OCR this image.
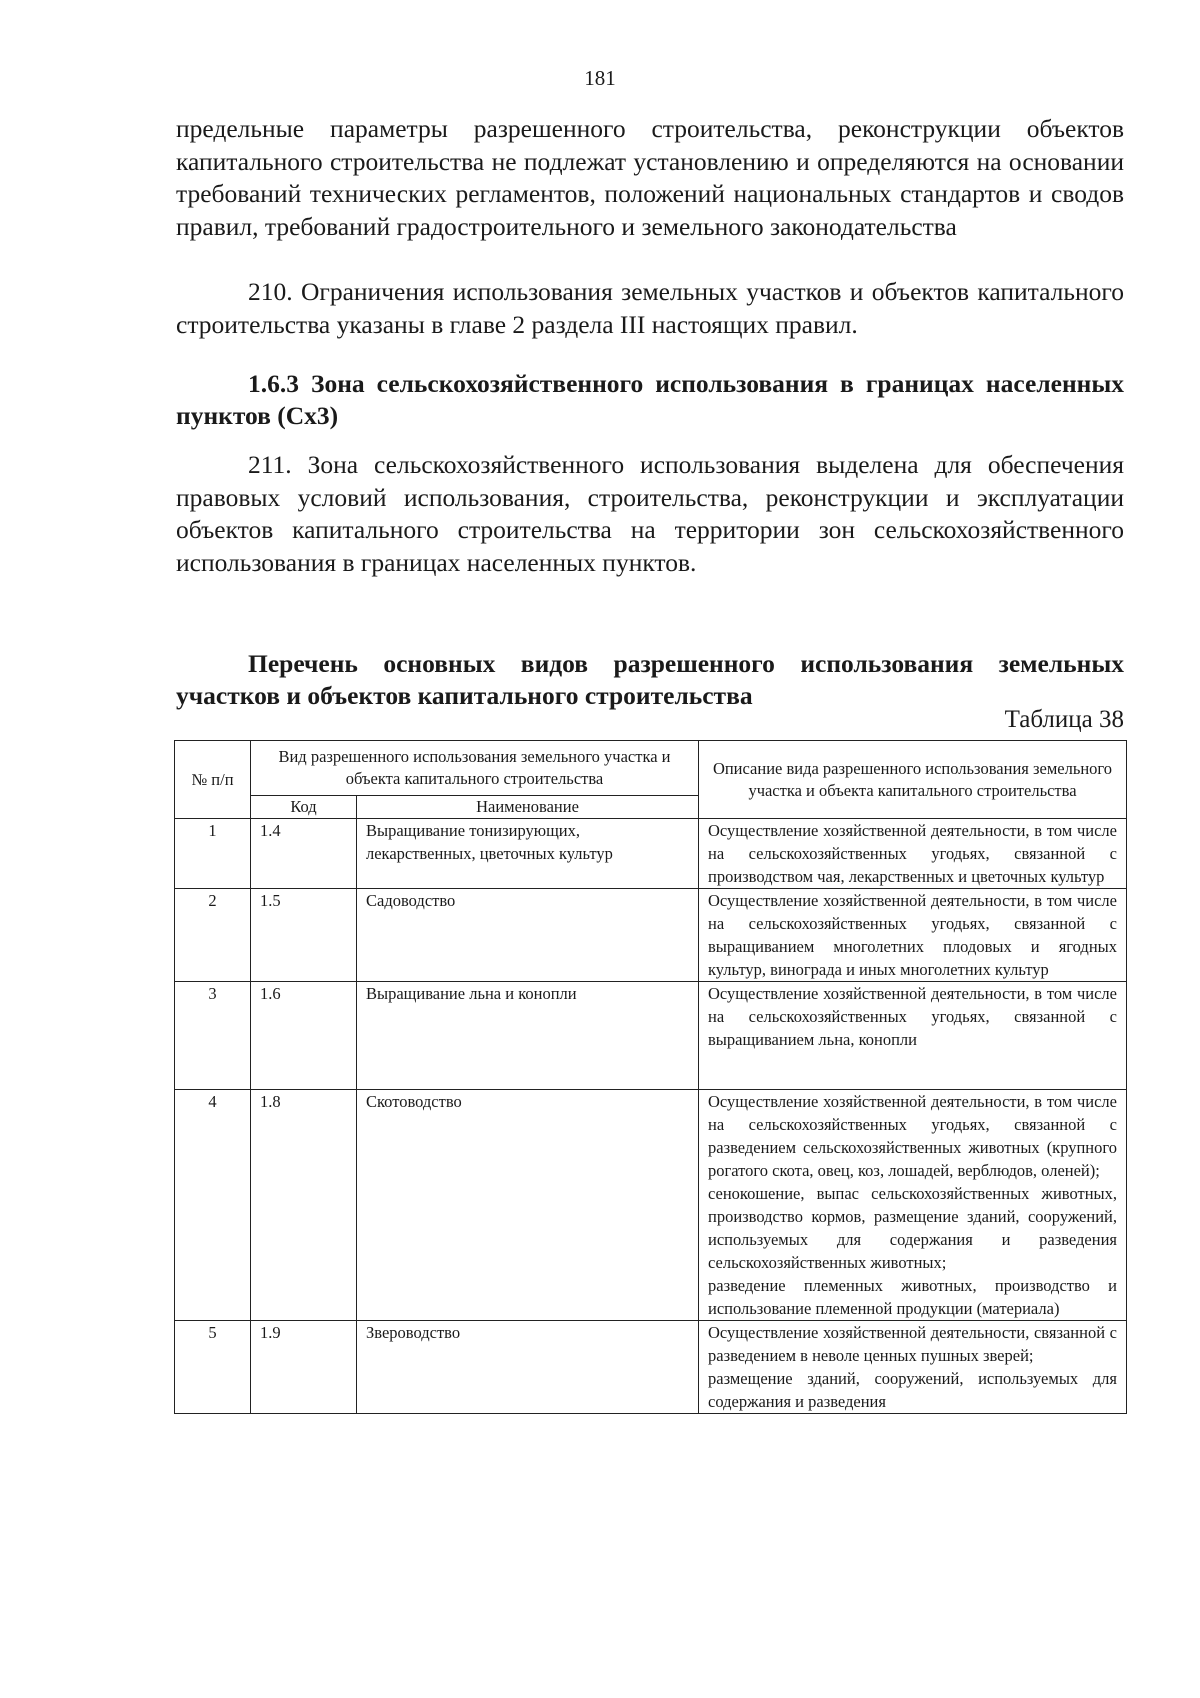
181
предельные параметры разрешенного строительства, реконструкции объектов капитального строительства не подлежат установлению и определяются на основании требований технических регламентов, положений национальных стандартов и сводов правил, требований градостроительного и земельного законодательства
210. Ограничения использования земельных участков и объектов капитального строительства указаны в главе 2 раздела III настоящих правил.
1.6.3 Зона сельскохозяйственного использования в границах населенных пунктов (Сх3)
211. Зона сельскохозяйственного использования выделена для обеспечения правовых условий использования, строительства, реконструкции и эксплуатации объектов капитального строительства на территории зон сельскохозяйственного использования в границах населенных пунктов.
Перечень основных видов разрешенного использования земельных участков и объектов капитального строительства
Таблица 38
№ п/п	Вид разрешенного использования земельного участка и объекта капитального строительства		Описание вида разрешенного использования земельного участка и объекта капитального строительства
	Код	Наименование	
1	1.4	Выращивание тонизирующих, лекарственных, цветочных культур	Осуществление хозяйственной деятельности, в том числе на сельскохозяйственных угодьях, связанной с производством чая, лекарственных и цветочных культур
2	1.5	Садоводство	Осуществление хозяйственной деятельности, в том числе на сельскохозяйственных угодьях, связанной с выращиванием многолетних плодовых и ягодных культур, винограда и иных многолетних культур
3	1.6	Выращивание льна и конопли	Осуществление хозяйственной деятельности, в том числе на сельскохозяйственных угодьях, связанной с выращиванием льна, конопли
4	1.8	Скотоводство	Осуществление хозяйственной деятельности, в том числе на сельскохозяйственных угодьях, связанной с разведением сельскохозяйственных животных (крупного рогатого скота, овец, коз, лошадей, верблюдов, оленей);
сенокошение, выпас сельскохозяйственных животных, производство кормов, размещение зданий, сооружений, используемых для содержания и разведения сельскохозяйственных животных;
разведение племенных животных, производство и использование племенной продукции (материала)

5	1.9	Звероводство	Осуществление хозяйственной деятельности, связанной с разведением в неволе ценных пушных зверей;
размещение зданий, сооружений, используемых для содержания и разведения
